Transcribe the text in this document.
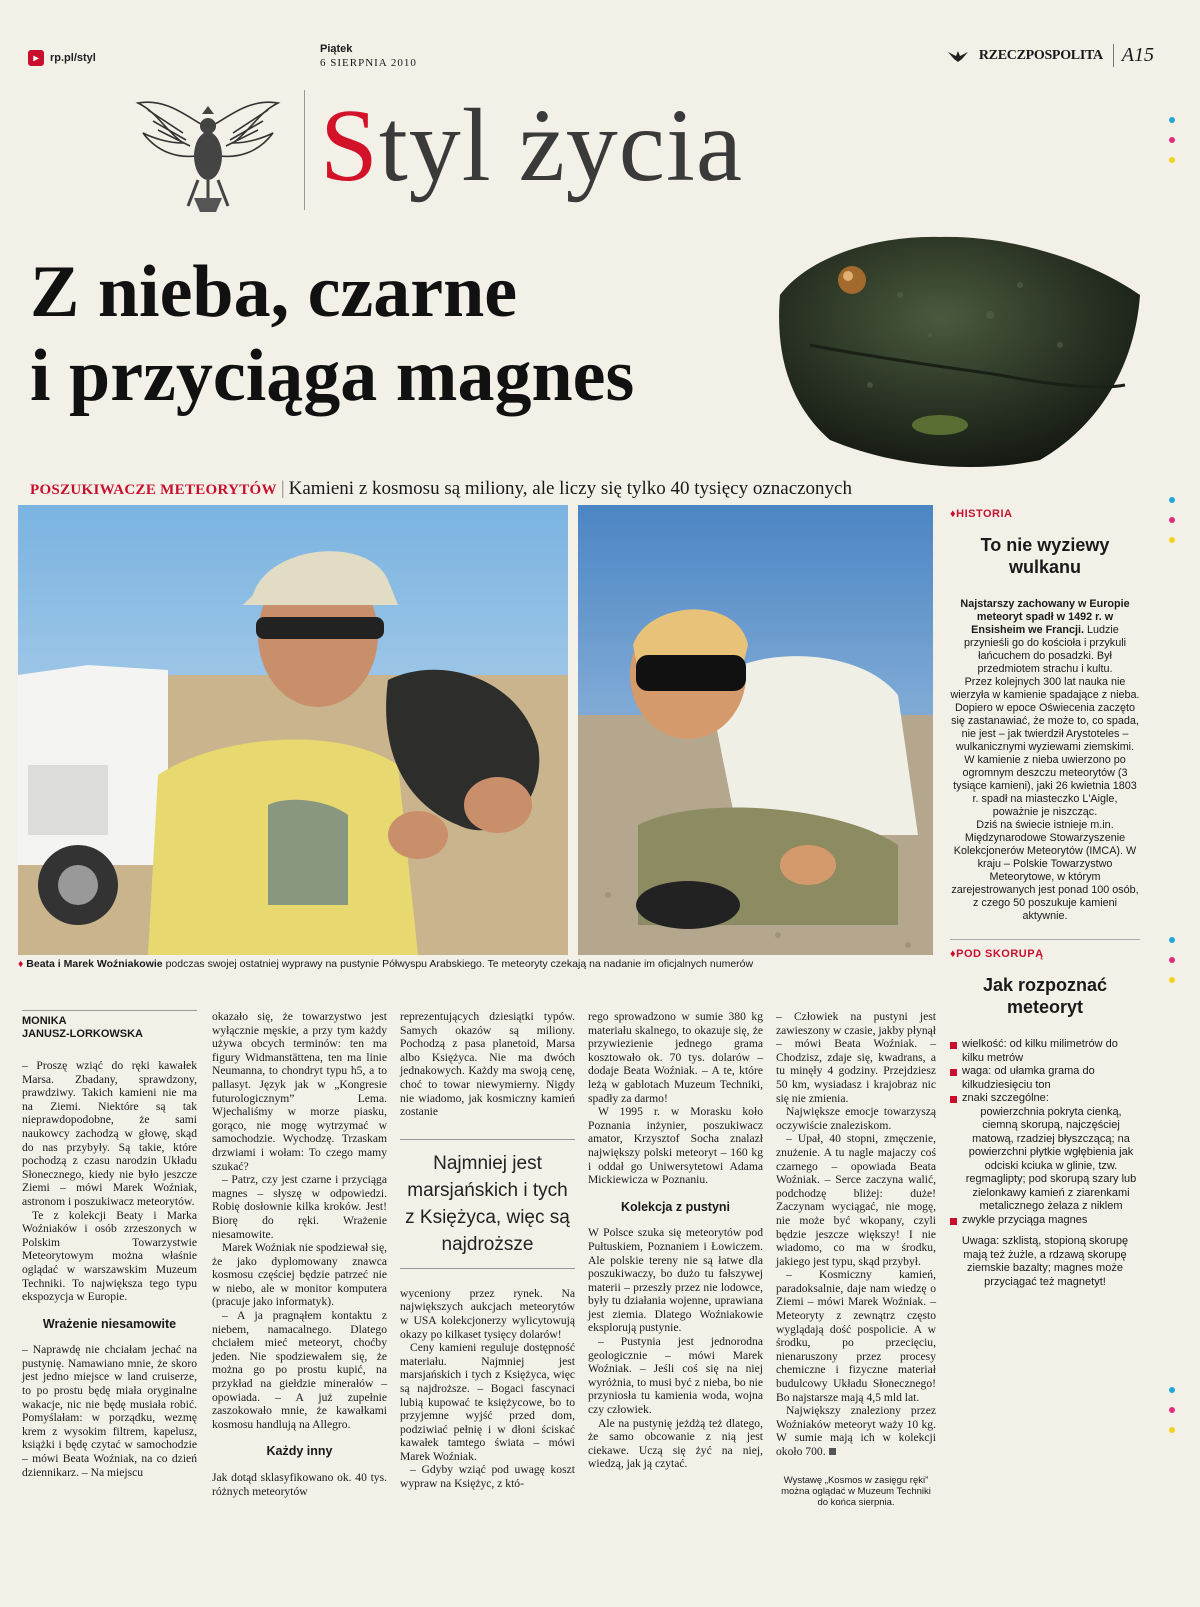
▸	rp.pl/styl
Piątek
6 SIERPNIA 2010
RZECZPOSPOLITA A15
Styl życia
Z nieba, czarne
i przyciąga magnes
POSZUKIWACZE METEORYTÓW | Kamieni z kosmosu są miliony, ale liczy się tylko 40 tysięcy oznaczonych
♦ Beata i Marek Woźniakowie podczas swojej ostatniej wyprawy na pustynie Półwyspu Arabskiego. Te meteoryty czekają na nadanie im oficjalnych numerów
♦HISTORIA
To nie wyziewy wulkanu
Najstarszy zachowany w Europie meteoryt spadł w 1492 r. w Ensisheim we Francji. Ludzie przynieśli go do kościoła i przykuli łańcuchem do posadzki. Był przedmiotem strachu i kultu.
Przez kolejnych 300 lat nauka nie wierzyła w kamienie spadające z nieba. Dopiero w epoce Oświecenia zaczęto się zastanawiać, że może to, co spada, nie jest – jak twierdził Arystoteles – wulkanicznymi wyziewami ziemskimi. W kamienie z nieba uwierzono po ogromnym deszczu meteorytów (3 tysiące kamieni), jaki 26 kwietnia 1803 r. spadł na miasteczko L'Aigle, poważnie je niszcząc.
Dziś na świecie istnieje m.in. Międzynarodowe Stowarzyszenie Kolekcjonerów Meteorytów (IMCA). W kraju – Polskie Towarzystwo Meteorytowe, w którym zarejestrowanych jest ponad 100 osób, z czego 50 poszukuje kamieni aktywnie.
♦POD SKORUPĄ
Jak rozpoznać meteoryt
wielkość: od kilku milimetrów do kilku metrów
waga: od ułamka grama do kilkudziesięciu ton
znaki szczególne:
powierzchnia pokryta cienką, ciemną skorupą, najczęściej matową, rzadziej błyszczącą; na powierzchni płytkie wgłębienia jak odciski kciuka w glinie, tzw. regmaglipty; pod skorupą szary lub zielonkawy kamień z ziarenkami metalicznego żelaza z niklem
zwykle przyciąga magnes
Uwaga: szklistą, stopioną skorupę mają też żużle, a rdzawą skorupę ziemskie bazalty; magnes może przyciągać też magnetyt!
MONIKA
JANUSZ-LORKOWSKA

– Proszę wziąć do ręki kawałek Marsa. Zbadany, sprawdzony, prawdziwy. Takich kamieni nie ma na Ziemi. Niektóre są tak nieprawdopodobne, że sami naukowcy zachodzą w głowę, skąd do nas przybyły. Są takie, które pochodzą z czasu narodzin Układu Słonecznego, kiedy nie było jeszcze Ziemi – mówi Marek Woźniak, astronom i poszukiwacz meteorytów.

Te z kolekcji Beaty i Marka Woźniaków i osób zrzeszonych w Polskim Towarzystwie Meteorytowym można właśnie oglądać w warszawskim Muzeum Techniki. To największa tego typu ekspozycja w Europie.

Wrażenie niesamowite

– Naprawdę nie chciałam jechać na pustynię. Namawiano mnie, że skoro jest jedno miejsce w land cruiserze, to po prostu będę miała oryginalne wakacje, nic nie będę musiała robić. Pomyślałam: w porządku, wezmę krem z wysokim filtrem, kapelusz, książki i będę czytać w samochodzie – mówi Beata Woźniak, na co dzień dziennikarz. – Na miejscu

okazało się, że towarzystwo jest wyłącznie męskie, a przy tym każdy używa obcych terminów: ten ma figury Widmanstättena, ten ma linie Neumanna, to chondryt typu h5, a to pallasyt. Język jak w „Kongresie futurologicznym” Lema. Wjechaliśmy w morze piasku, gorąco, nie mogę wytrzymać w samochodzie. Wychodzę. Trzaskam drzwiami i wołam: To czego mamy szukać?

– Patrz, czy jest czarne i przyciąga magnes – słyszę w odpowiedzi. Robię dosłownie kilka kroków. Jest! Biorę do ręki. Wrażenie niesamowite.

Marek Woźniak nie spodziewał się, że jako dyplomowany znawca kosmosu częściej będzie patrzeć nie w niebo, ale w monitor komputera (pracuje jako informatyk).

– A ja pragnąłem kontaktu z niebem, namacalnego. Dlatego chciałem mieć meteoryt, choćby jeden. Nie spodziewałem się, że można go po prostu kupić, na przykład na giełdzie minerałów – opowiada. – A już zupełnie zaszokowało mnie, że kawałkami kosmosu handlują na Allegro.

Każdy inny

Jak dotąd sklasyfikowano ok. 40 tys. różnych meteorytów

reprezentujących dziesiątki typów. Samych okazów są miliony. Pochodzą z pasa planetoid, Marsa albo Księżyca. Nie ma dwóch jednakowych. Każdy ma swoją cenę, choć to towar niewymierny. Nigdy nie wiadomo, jak kosmiczny kamień zostanie

Najmniej jest marsjańskich i tych z Księżyca, więc są najdroższe

wyceniony przez rynek. Na największych aukcjach meteorytów w USA kolekcjonerzy wylicytowują okazy po kilkaset tysięcy dolarów!

Ceny kamieni reguluje dostępność materiału. Najmniej jest marsjańskich i tych z Księżyca, więc są najdroższe. – Bogaci fascynaci lubią kupować te księżycowe, bo to przyjemne wyjść przed dom, podziwiać pełnię i w dłoni ściskać kawałek tamtego świata – mówi Marek Woźniak.

– Gdyby wziąć pod uwagę koszt wypraw na Księżyc, z któ-

rego sprowadzono w sumie 380 kg materiału skalnego, to okazuje się, że przywiezienie jednego grama kosztowało ok. 70 tys. dolarów – dodaje Beata Woźniak. – A te, które leżą w gablotach Muzeum Techniki, spadły za darmo!

W 1995 r. w Morasku koło Poznania inżynier, poszukiwacz amator, Krzysztof Socha znalazł największy polski meteoryt – 160 kg i oddał go Uniwersytetowi Adama Mickiewicza w Poznaniu.

Kolekcja z pustyni

W Polsce szuka się meteorytów pod Pułtuskiem, Poznaniem i Łowiczem. Ale polskie tereny nie są łatwe dla poszukiwaczy, bo dużo tu fałszywej materii – przeszły przez nie lodowce, były tu działania wojenne, uprawiana jest ziemia. Dlatego Woźniakowie eksplorują pustynie.

– Pustynia jest jednorodna geologicznie – mówi Marek Woźniak. – Jeśli coś się na niej wyróżnia, to musi być z nieba, bo nie przyniosła tu kamienia woda, wojna czy człowiek.

Ale na pustynię jeżdżą też dlatego, że samo obcowanie z nią jest ciekawe. Uczą się żyć na niej, wiedzą, jak ją czytać.

– Człowiek na pustyni jest zawieszony w czasie, jakby płynął – mówi Beata Woźniak. – Chodzisz, zdaje się, kwadrans, a tu minęły 4 godziny. Przejdziesz 50 km, wysiadasz i krajobraz nic się nie zmienia.

Największe emocje towarzyszą oczywiście znaleziskom.

– Upał, 40 stopni, zmęczenie, znużenie. A tu nagle majaczy coś czarnego – opowiada Beata Woźniak. – Serce zaczyna walić, podchodzę bliżej: duże! Zaczynam wyciągać, nie mogę, nie może być wkopany, czyli będzie jeszcze większy! I nie wiadomo, co ma w środku, jakiego jest typu, skąd przybył.

– Kosmiczny kamień, paradoksalnie, daje nam wiedzę o Ziemi – mówi Marek Woźniak. – Meteoryty z zewnątrz często wyglądają dość pospolicie. A w środku, po przecięciu, nienaruszony przez procesy chemiczne i fizyczne materiał budulcowy Układu Słonecznego! Bo najstarsze mają 4,5 mld lat.

Największy znaleziony przez Woźniaków meteoryt waży 10 kg. W sumie mają ich w kolekcji około 700.

Wystawę „Kosmos w zasięgu ręki” można oglądać w Muzeum Techniki do końca sierpnia.
